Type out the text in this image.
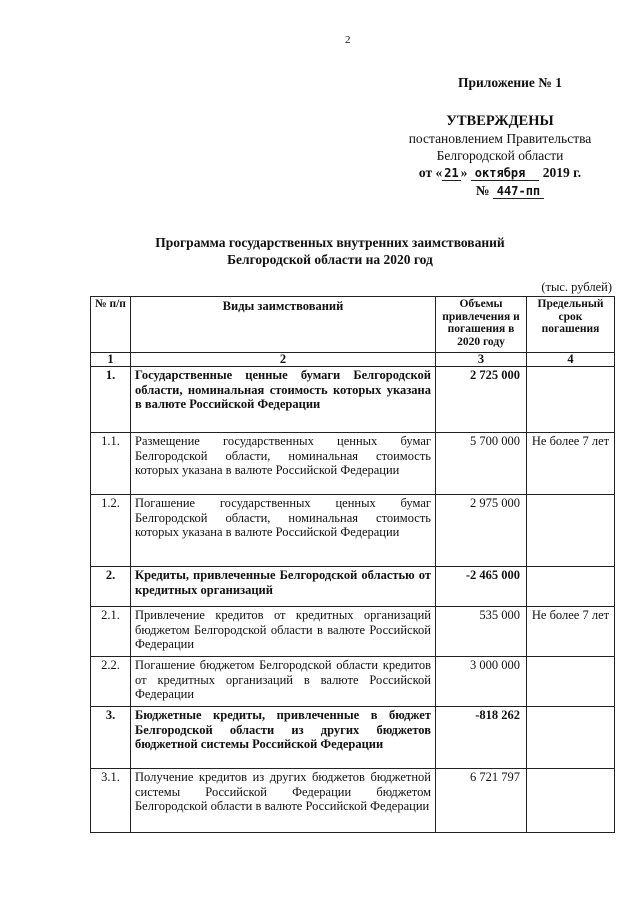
2
Приложение № 1
УТВЕРЖДЕНЫ
постановлением Правительства
Белгородской области
от « 21 » октября 2019 г.
№ 447-пп
Программа государственных внутренних заимствований
Белгородской области на 2020 год
(тыс. рублей)
№ п/п	Виды заимствований	Объемы привлечения и погашения в 2020 году	Предельный срок погашения
1	2	3	4
1.	Государственные ценные бумаги Белгородской области, номинальная стоимость которых указана в валюте Российской Федерации	2 725 000	
1.1.	Размещение государственных ценных бумаг Белгородской области, номинальная стоимость которых указана в валюте Российской Федерации	5 700 000	Не более 7 лет
1.2.	Погашение государственных ценных бумаг Белгородской области, номинальная стоимость которых указана в валюте Российской Федерации	2 975 000	
2.	Кредиты, привлеченные Белгородской областью от кредитных организаций	-2 465 000	
2.1.	Привлечение кредитов от кредитных организаций бюджетом Белгородской области в валюте Российской Федерации	535 000	Не более 7 лет
2.2.	Погашение бюджетом Белгородской области кредитов от кредитных организаций в валюте Российской Федерации	3 000 000	
3.	Бюджетные кредиты, привлеченные в бюджет Белгородской области из других бюджетов бюджетной системы Российской Федерации	-818 262	
3.1.	Получение кредитов из других бюджетов бюджетной системы Российской Федерации бюджетом Белгородской области в валюте Российской Федерации	6 721 797	
